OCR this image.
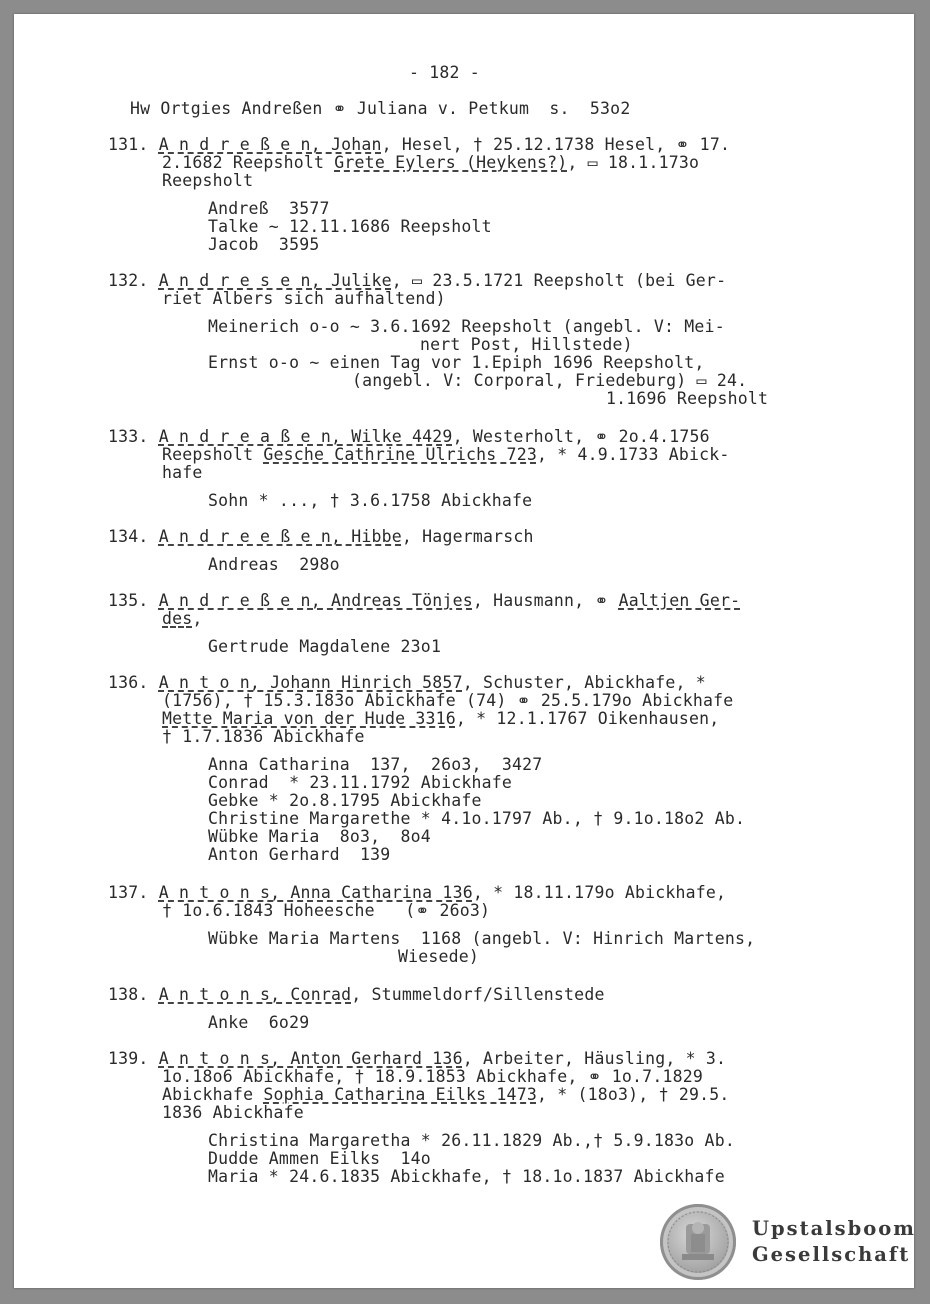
- 182 -
Hw Ortgies Andreßen ⚭ Juliana v. Petkum  s.  53o2
131. A n d r e ß e n, Johan, Hesel, † 25.12.1738 Hesel, ⚭ 17.
2.1682 Reepsholt Grete Eylers (Heykens?), ▭ 18.1.173o
Reepsholt
Andreß  3577
Talke ~ 12.11.1686 Reepsholt
Jacob  3595
132. A n d r e s e n, Julike, ▭ 23.5.1721 Reepsholt (bei Ger-
riet Albers sich aufhaltend)
Meinerich o-o ~ 3.6.1692 Reepsholt (angebl. V: Mei-
nert Post, Hillstede)
Ernst o-o ~ einen Tag vor 1.Epiph 1696 Reepsholt,
(angebl. V: Corporal, Friedeburg) ▭ 24.
1.1696 Reepsholt
133. A n d r e a ß e n, Wilke 4429, Westerholt, ⚭ 2o.4.1756
Reepsholt Gesche Cathrine Ulrichs 723, * 4.9.1733 Abick-
hafe
Sohn * ..., † 3.6.1758 Abickhafe
134. A n d r e e ß e n, Hibbe, Hagermarsch
Andreas  298o
135. A n d r e ß e n, Andreas Tönjes, Hausmann, ⚭ Aaltjen Ger-
des,
Gertrude Magdalene 23o1
136. A n t o n, Johann Hinrich 5857, Schuster, Abickhafe, *
(1756), † 15.3.183o Abickhafe (74) ⚭ 25.5.179o Abickhafe
Mette Maria von der Hude 3316, * 12.1.1767 Oikenhausen,
† 1.7.1836 Abickhafe
Anna Catharina  137,  26o3,  3427
Conrad  * 23.11.1792 Abickhafe
Gebke * 2o.8.1795 Abickhafe
Christine Margarethe * 4.1o.1797 Ab., † 9.1o.18o2 Ab.
Wübke Maria  8o3,  8o4
Anton Gerhard  139
137. A n t o n s, Anna Catharina 136, * 18.11.179o Abickhafe,
† 1o.6.1843 Hoheesche   (⚭ 26o3)
Wübke Maria Martens  1168 (angebl. V: Hinrich Martens,
Wiesede)
138. A n t o n s, Conrad, Stummeldorf/Sillenstede
Anke  6o29
139. A n t o n s, Anton Gerhard 136, Arbeiter, Häusling, * 3.
1o.18o6 Abickhafe, † 18.9.1853 Abickhafe, ⚭ 1o.7.1829
Abickhafe Sophia Catharina Eilks 1473, * (18o3), † 29.5.
1836 Abickhafe
Christina Margaretha * 26.11.1829 Ab.,† 5.9.183o Ab.
Dudde Ammen Eilks  14o
Maria * 24.6.1835 Abickhafe, † 18.1o.1837 Abickhafe
Upstalsboom
Gesellschaft
